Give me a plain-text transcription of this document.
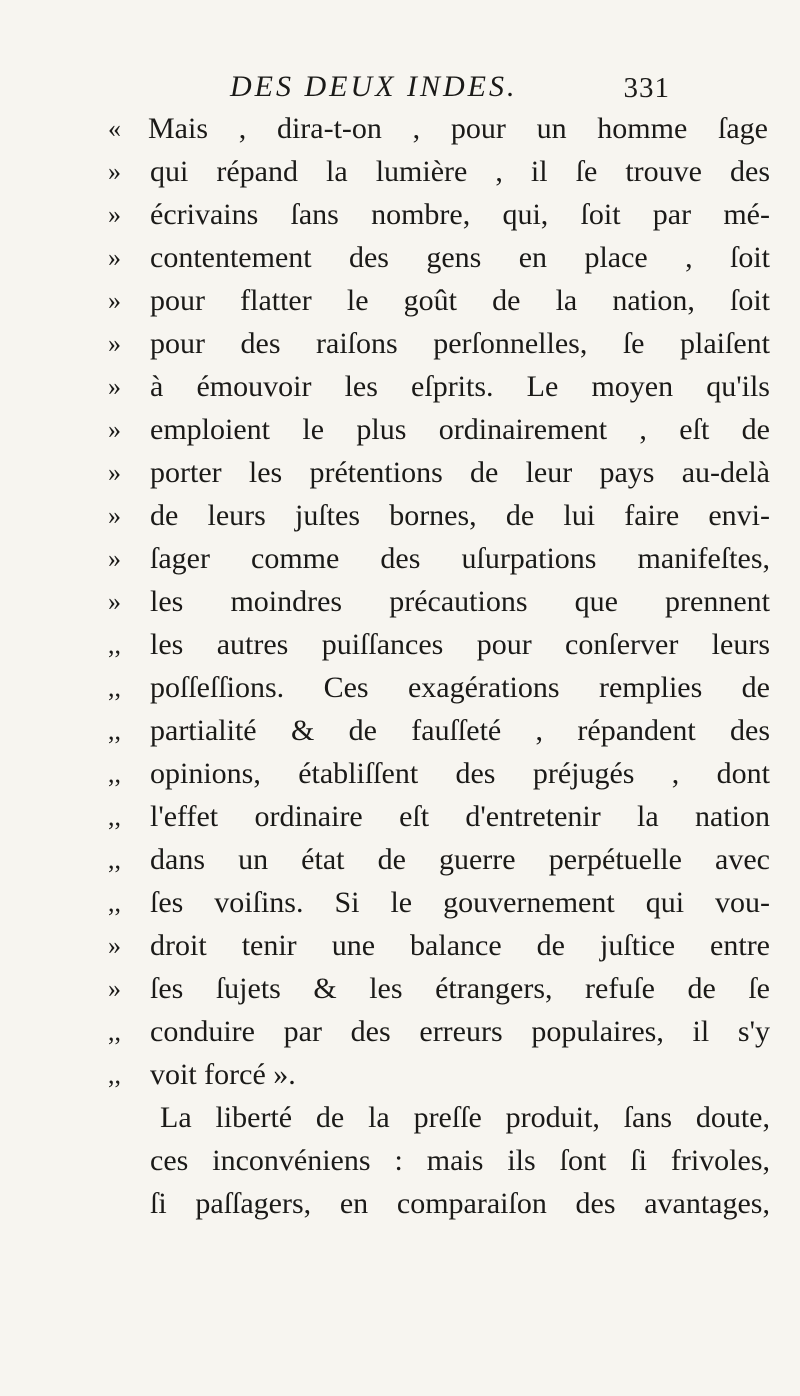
DES DEUX INDES.	331
« Mais , dira-t-on , pour un homme ſage
» qui répand la lumière , il ſe trouve des
» écrivains ſans nombre, qui, ſoit par mé-
» contentement des gens en place , ſoit
» pour flatter le goût de la nation, ſoit
» pour des raiſons perſonnelles, ſe plaiſent
» à émouvoir les eſprits. Le moyen qu'ils
» emploient le plus ordinairement , eſt de
» porter les prétentions de leur pays au-delà
» de leurs juſtes bornes, de lui faire envi-
» ſager comme des uſurpations manifeſtes,
» les moindres précautions que prennent
,, les autres puiſſances pour conſerver leurs
,, poſſeſſions. Ces exagérations remplies de
,, partialité & de fauſſeté , répandent des
,, opinions, établiſſent des préjugés , dont
,, l'effet ordinaire eſt d'entretenir la nation
,, dans un état de guerre perpétuelle avec
,, ſes voiſins. Si le gouvernement qui vou-
» droit tenir une balance de juſtice entre
» ſes ſujets & les étrangers, refuſe de ſe
,, conduire par des erreurs populaires, il s'y
,, voit forcé ».
La liberté de la preſſe produit, ſans doute,
ces inconvéniens : mais ils ſont ſi frivoles,
ſi paſſagers, en comparaiſon des avantages,
